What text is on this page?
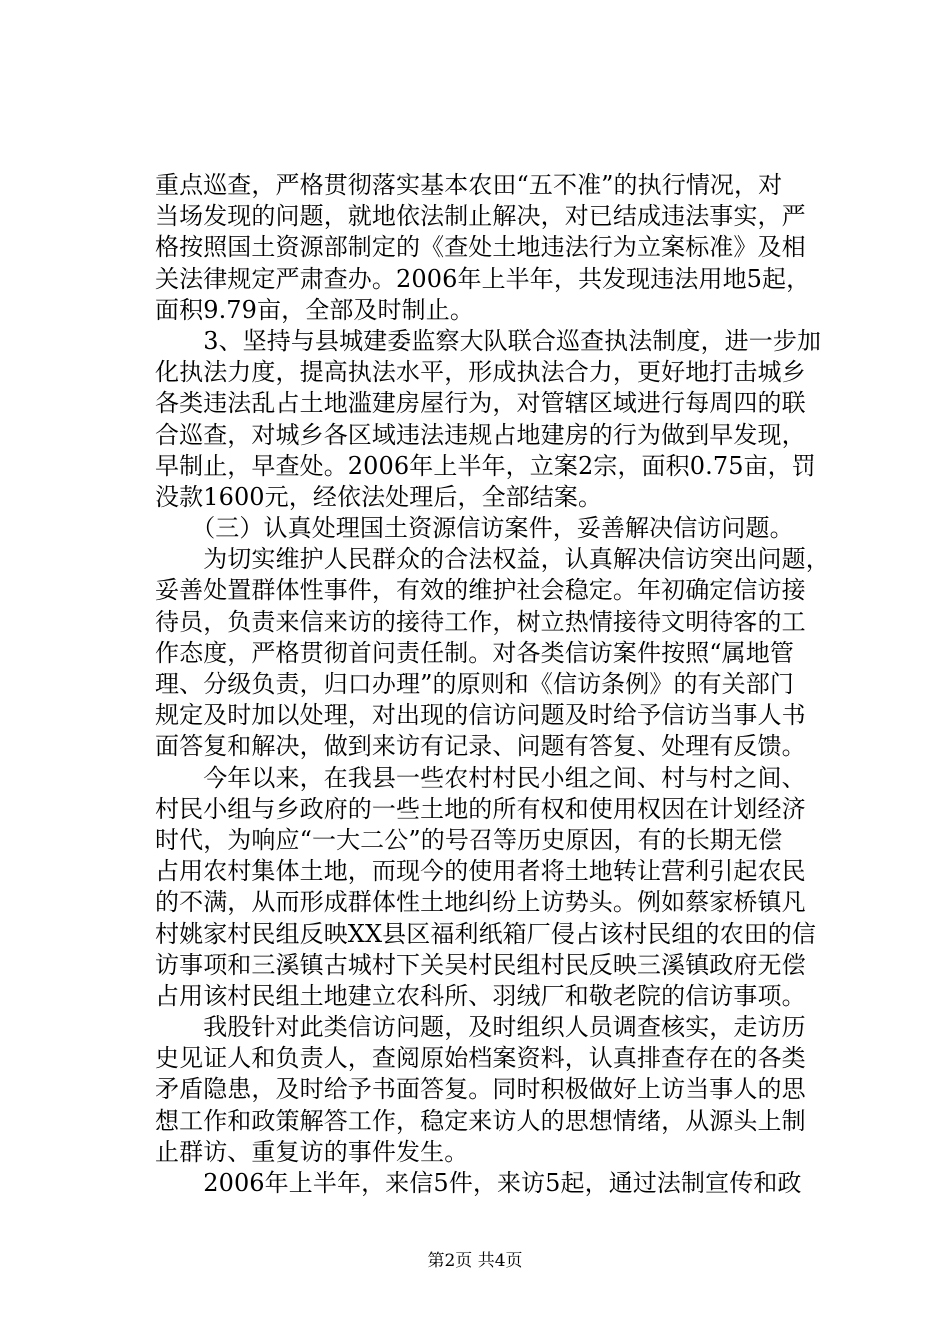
重点巡查，严格贯彻落实基本农田“五不准”的执行情况，对
当场发现的问题，就地依法制止解决，对已结成违法事实，严
格按照国土资源部制定的《查处土地违法行为立案标准》及相
关法律规定严肃查办。2006年上半年，共发现违法用地5起，
面积9.79亩，全部及时制止。
　　3、坚持与县城建委监察大队联合巡查执法制度，进一步加
化执法力度，提高执法水平，形成执法合力，更好地打击城乡
各类违法乱占土地滥建房屋行为，对管辖区域进行每周四的联
合巡查，对城乡各区域违法违规占地建房的行为做到早发现，
早制止，早查处。2006年上半年，立案2宗，面积0.75亩，罚
没款1600元，经依法处理后，全部结案。
　　（三）认真处理国土资源信访案件，妥善解决信访问题。
　　为切实维护人民群众的合法权益，认真解决信访突出问题，
妥善处置群体性事件，有效的维护社会稳定。年初确定信访接
待员，负责来信来访的接待工作，树立热情接待文明待客的工
作态度，严格贯彻首问责任制。对各类信访案件按照“属地管
理、分级负责，归口办理”的原则和《信访条例》的有关部门
规定及时加以处理，对出现的信访问题及时给予信访当事人书
面答复和解决，做到来访有记录、问题有答复、处理有反馈。
　　今年以来，在我县一些农村村民小组之间、村与村之间、
村民小组与乡政府的一些土地的所有权和使用权因在计划经济
时代，为响应“一大二公”的号召等历史原因，有的长期无偿
占用农村集体土地，而现今的使用者将土地转让营利引起农民
的不满，从而形成群体性土地纠纷上访势头。例如蔡家桥镇凡
村姚家村民组反映XX县区福利纸箱厂侵占该村民组的农田的信
访事项和三溪镇古城村下关吴村民组村民反映三溪镇政府无偿
占用该村民组土地建立农科所、羽绒厂和敬老院的信访事项。
　　我股针对此类信访问题，及时组织人员调查核实，走访历
史见证人和负责人，查阅原始档案资料，认真排查存在的各类
矛盾隐患，及时给予书面答复。同时积极做好上访当事人的思
想工作和政策解答工作，稳定来访人的思想情绪，从源头上制
止群访、重复访的事件发生。
　　2006年上半年，来信5件，来访5起，通过法制宣传和政
第2页 共4页
